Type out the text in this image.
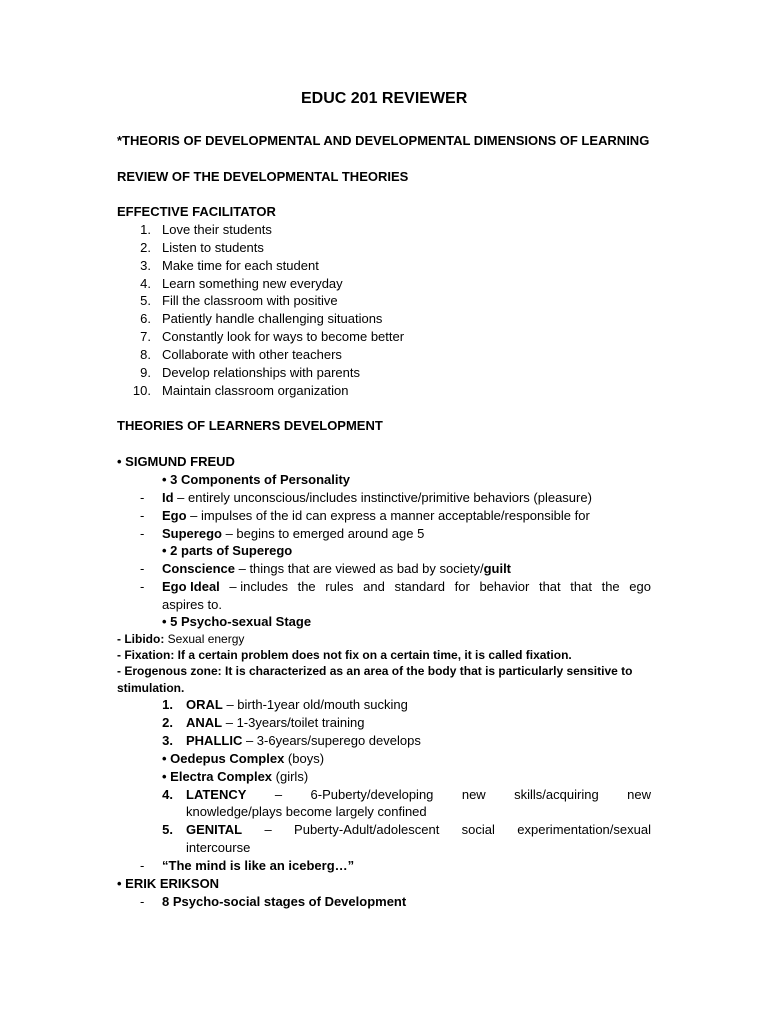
EDUC 201 REVIEWER
*THEORIS OF DEVELOPMENTAL AND DEVELOPMENTAL DIMENSIONS OF LEARNING
REVIEW OF THE DEVELOPMENTAL THEORIES
EFFECTIVE FACILITATOR
1. Love their students
2. Listen to students
3. Make time for each student
4. Learn something new everyday
5. Fill the classroom with positive
6. Patiently handle challenging situations
7. Constantly look for ways to become better
8. Collaborate with other teachers
9. Develop relationships with parents
10. Maintain classroom organization
THEORIES OF LEARNERS DEVELOPMENT
• SIGMUND FREUD
• 3 Components of Personality
- Id – entirely unconscious/includes instinctive/primitive behaviors (pleasure)
- Ego – impulses of the id can express a manner acceptable/responsible for
- Superego – begins to emerged around age 5
• 2 parts of Superego
- Conscience – things that are viewed as bad by society/guilt
- Ego Ideal – includes the rules and standard for behavior that that the ego
aspires to.
• 5 Psycho-sexual Stage
- Libido: Sexual energy
- Fixation: If a certain problem does not fix on a certain time, it is called fixation.
- Erogenous zone: It is characterized as an area of the body that is particularly sensitive to
stimulation.
1. ORAL – birth-1year old/mouth sucking
2. ANAL – 1-3years/toilet training
3. PHALLIC – 3-6years/superego develops
• Oedepus Complex (boys)
• Electra Complex (girls)
4. LATENCY – 6-Puberty/developing new skills/acquiring new
knowledge/plays become largely confined
5. GENITAL – Puberty-Adult/adolescent social experimentation/sexual
intercourse
- “The mind is like an iceberg…”
• ERIK ERIKSON
- 8 Psycho-social stages of Development
